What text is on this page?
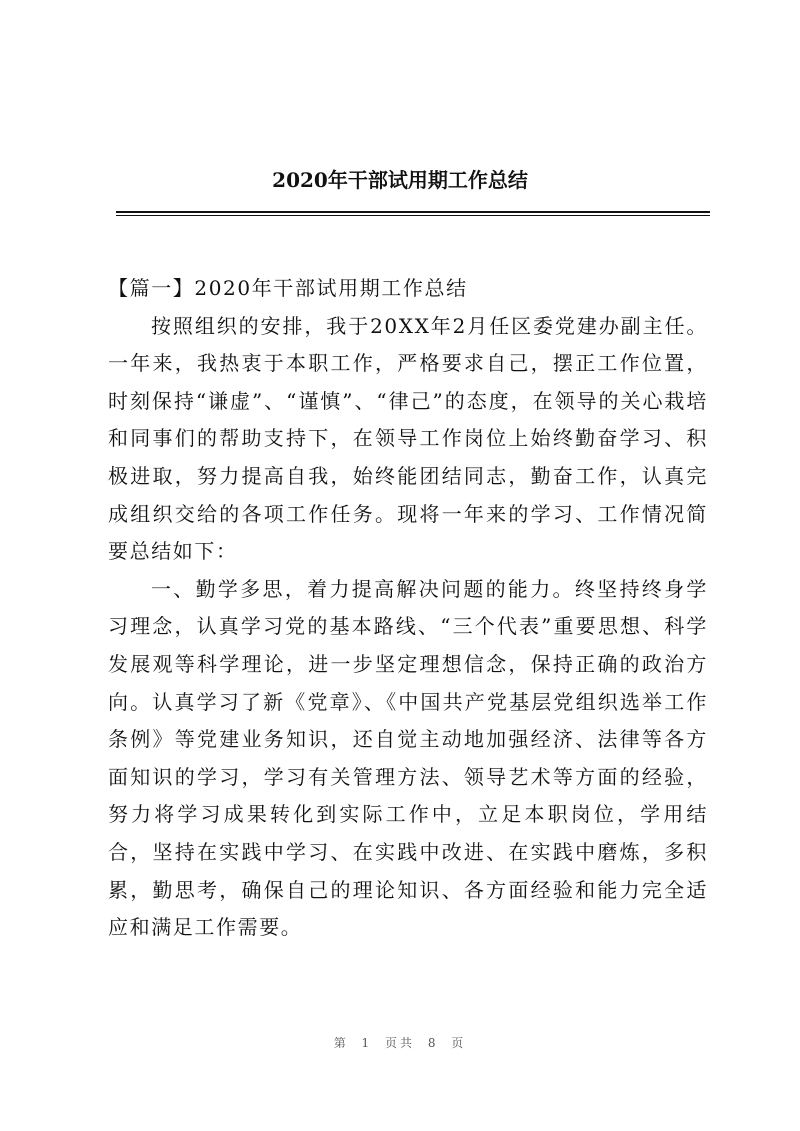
2020年干部试用期工作总结

【篇一】2020年干部试用期工作总结

按照组织的安排，我于20XX年2月任区委党建办副主任。一年来，我热衷于本职工作，严格要求自己，摆正工作位置，时刻保持“谦虚”、“谨慎”、“律己”的态度，在领导的关心栽培和同事们的帮助支持下，在领导工作岗位上始终勤奋学习、积极进取，努力提高自我，始终能团结同志，勤奋工作，认真完成组织交给的各项工作任务。现将一年来的学习、工作情况简要总结如下：

一、勤学多思，着力提高解决问题的能力。终坚持终身学习理念，认真学习党的基本路线、“三个代表”重要思想、科学发展观等科学理论，进一步坚定理想信念，保持正确的政治方向。认真学习了新《党章》、《中国共产党基层党组织选举工作条例》等党建业务知识，还自觉主动地加强经济、法律等各方面知识的学习，学习有关管理方法、领导艺术等方面的经验，努力将学习成果转化到实际工作中，立足本职岗位，学用结合，坚持在实践中学习、在实践中改进、在实践中磨炼，多积累，勤思考，确保自己的理论知识、各方面经验和能力完全适应和满足工作需要。

第 1 页共 8 页
